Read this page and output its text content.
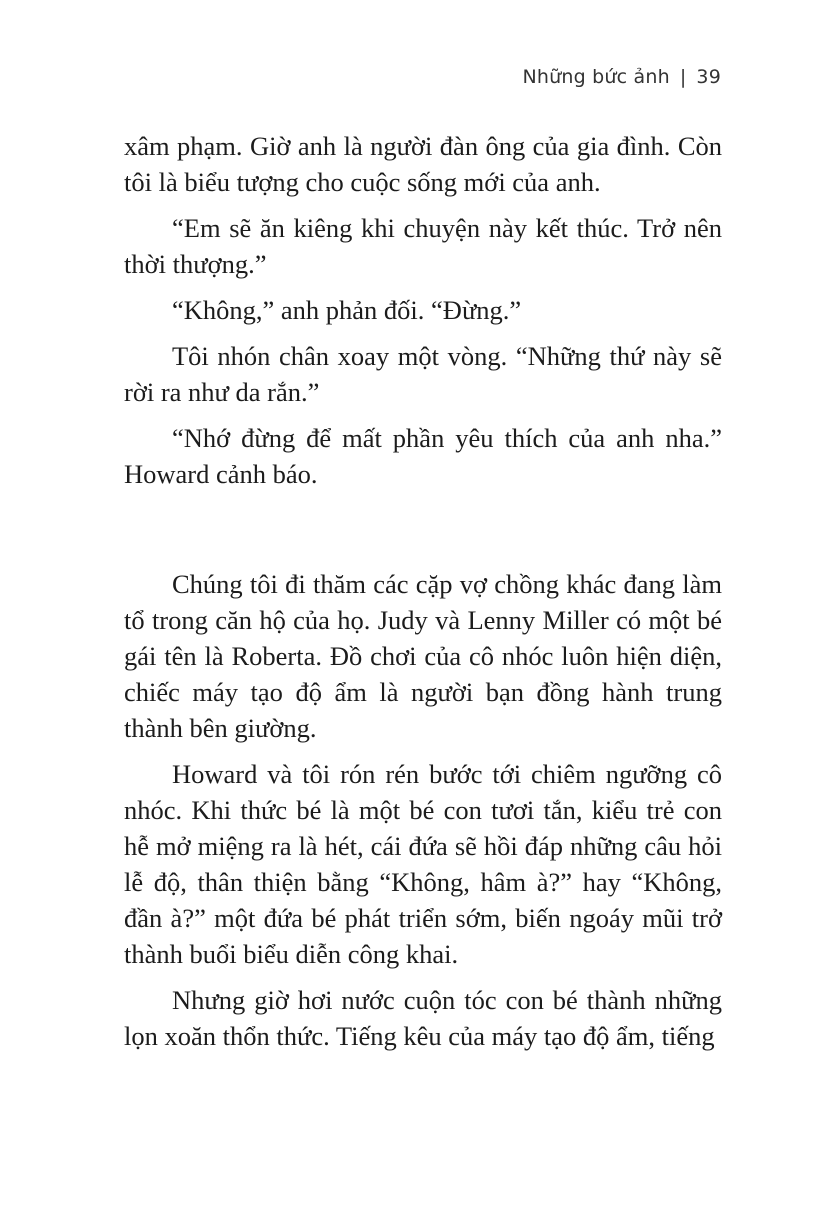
Những bức ảnh | 39

xâm phạm. Giờ anh là người đàn ông của gia đình. Còn tôi là biểu tượng cho cuộc sống mới của anh.

“Em sẽ ăn kiêng khi chuyện này kết thúc. Trở nên thời thượng.”

“Không,” anh phản đối. “Đừng.”

Tôi nhón chân xoay một vòng. “Những thứ này sẽ rời ra như da rắn.”

“Nhớ đừng để mất phần yêu thích của anh nha.” Howard cảnh báo.

Chúng tôi đi thăm các cặp vợ chồng khác đang làm tổ trong căn hộ của họ. Judy và Lenny Miller có một bé gái tên là Roberta. Đồ chơi của cô nhóc luôn hiện diện, chiếc máy tạo độ ẩm là người bạn đồng hành trung thành bên giường.

Howard và tôi rón rén bước tới chiêm ngưỡng cô nhóc. Khi thức bé là một bé con tươi tắn, kiểu trẻ con hễ mở miệng ra là hét, cái đứa sẽ hồi đáp những câu hỏi lễ độ, thân thiện bằng “Không, hâm à?” hay “Không, đần à?” một đứa bé phát triển sớm, biến ngoáy mũi trở thành buổi biểu diễn công khai.

Nhưng giờ hơi nước cuộn tóc con bé thành những lọn xoăn thổn thức. Tiếng kêu của máy tạo độ ẩm, tiếng
